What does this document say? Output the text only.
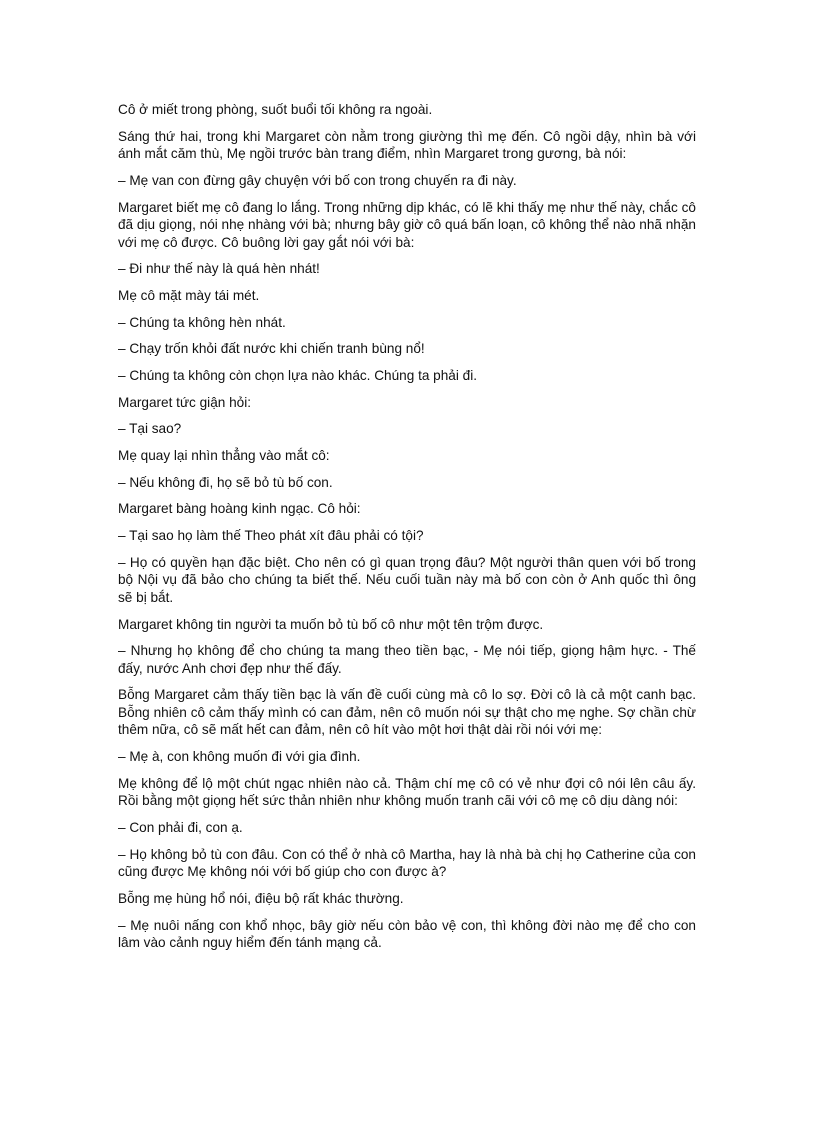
Cô ở miết trong phòng, suốt buổi tối không ra ngoài.

Sáng thứ hai, trong khi Margaret còn nằm trong giường thì mẹ đến. Cô ngồi dậy, nhìn bà với ánh mắt căm thù, Mẹ ngồi trước bàn trang điểm, nhìn Margaret trong gương, bà nói:

– Mẹ van con đừng gây chuyện với bố con trong chuyến ra đi này.

Margaret biết mẹ cô đang lo lắng. Trong những dịp khác, có lẽ khi thấy mẹ như thế này, chắc cô đã dịu giọng, nói nhẹ nhàng với bà; nhưng bây giờ cô quá bấn loạn, cô không thể nào nhã nhặn với mẹ cô được. Cô buông lời gay gắt nói với bà:

– Đi như thế này là quá hèn nhát!

Mẹ cô mặt mày tái mét.

– Chúng ta không hèn nhát.

– Chạy trốn khỏi đất nước khi chiến tranh bùng nổ!

– Chúng ta không còn chọn lựa nào khác. Chúng ta phải đi.

Margaret tức giận hỏi:

– Tại sao?

Mẹ quay lại nhìn thẳng vào mắt cô:

– Nếu không đi, họ sẽ bỏ tù bố con.

Margaret bàng hoàng kinh ngạc. Cô hỏi:

– Tại sao họ làm thế Theo phát xít đâu phải có tội?

– Họ có quyền hạn đặc biệt. Cho nên có gì quan trọng đâu? Một người thân quen với bố trong bộ Nội vụ đã bảo cho chúng ta biết thế. Nếu cuối tuần này mà bố con còn ở Anh quốc thì ông sẽ bị bắt.

Margaret không tin người ta muốn bỏ tù bố cô như một tên trộm được.

– Nhưng họ không để cho chúng ta mang theo tiền bạc, - Mẹ nói tiếp, giọng hậm hực. - Thế đấy, nước Anh chơi đẹp như thế đấy.

Bỗng Margaret cảm thấy tiền bạc là vấn đề cuối cùng mà cô lo sợ. Đời cô là cả một canh bạc. Bỗng nhiên cô cảm thấy mình có can đảm, nên cô muốn nói sự thật cho mẹ nghe. Sợ chần chừ thêm nữa, cô sẽ mất hết can đảm, nên cô hít vào một hơi thật dài rồi nói với mẹ:

– Mẹ à, con không muốn đi với gia đình.

Mẹ không để lộ một chút ngạc nhiên nào cả. Thậm chí mẹ cô có vẻ như đợi cô nói lên câu ấy. Rồi bằng một giọng hết sức thản nhiên như không muốn tranh cãi với cô mẹ cô dịu dàng nói:

– Con phải đi, con ạ.

– Họ không bỏ tù con đâu. Con có thể ở nhà cô Martha, hay là nhà bà chị họ Catherine của con cũng được Mẹ không nói với bố giúp cho con được à?

Bỗng mẹ hùng hổ nói, điệu bộ rất khác thường.

– Mẹ nuôi nấng con khổ nhọc, bây giờ nếu còn bảo vệ con, thì không đời nào mẹ để cho con lâm vào cảnh nguy hiểm đến tánh mạng cả.
